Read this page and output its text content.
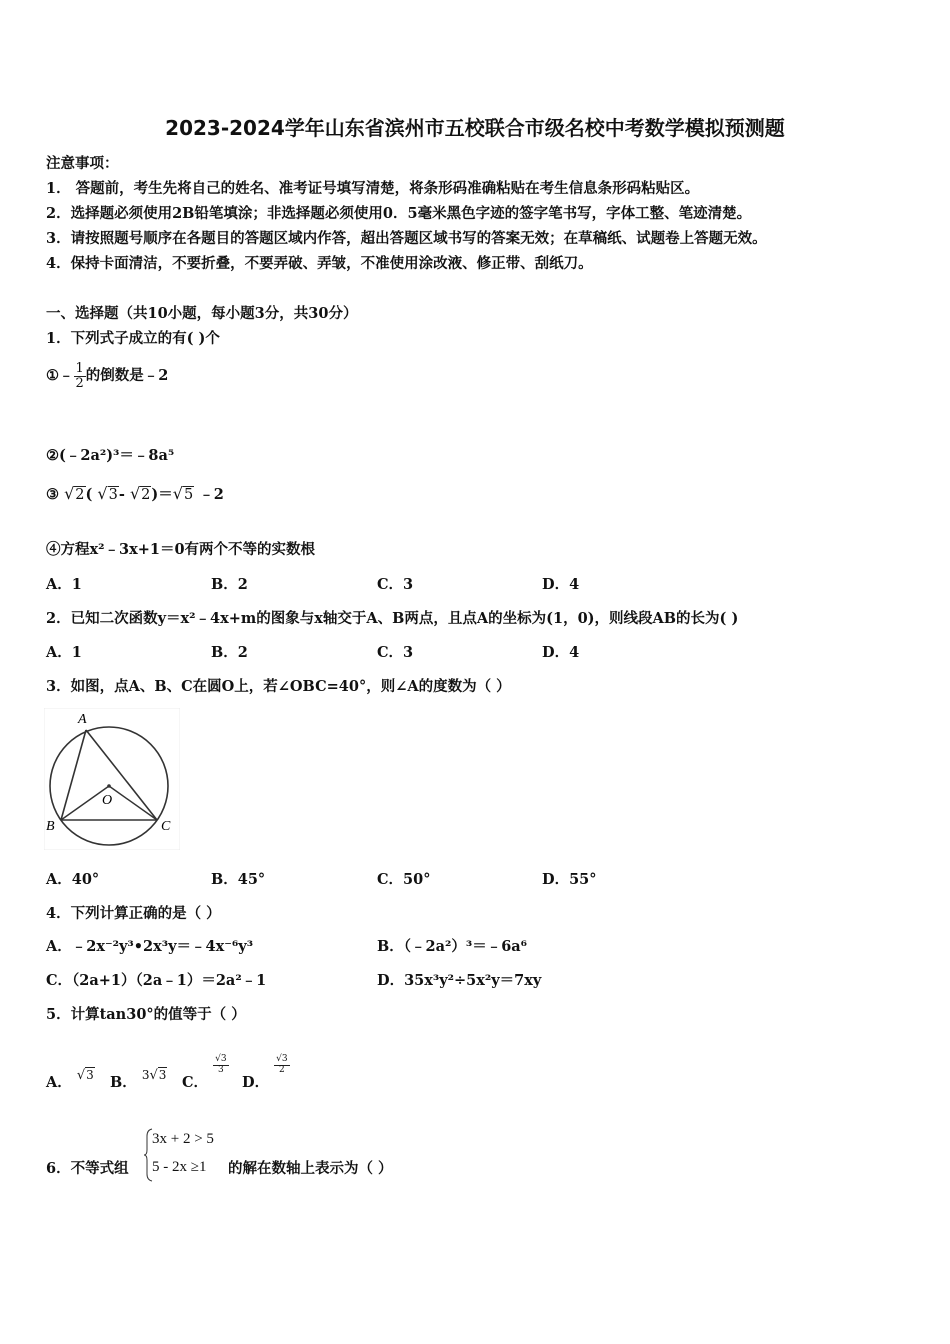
2023-2024学年山东省滨州市五校联合市级名校中考数学模拟预测题
注意事项：
1． 答题前，考生先将自己的姓名、准考证号填写清楚，将条形码准确粘贴在考生信息条形码粘贴区。
2．选择题必须使用2B铅笔填涂；非选择题必须使用0．5毫米黑色字迹的签字笔书写，字体工整、笔迹清楚。
3．请按照题号顺序在各题目的答题区域内作答，超出答题区域书写的答案无效；在草稿纸、试题卷上答题无效。
4．保持卡面清洁，不要折叠，不要弄破、弄皱，不准使用涂改液、修正带、刮纸刀。
一、选择题（共10小题，每小题3分，共30分）
1．下列式子成立的有( )个
①﹣ $\frac{1}{2}$ 的倒数是﹣2
②(﹣2a²)³＝﹣8a⁵
③ √2( √3- √2)＝√5 ﹣2
④方程x²﹣3x+1＝0有两个不等的实数根
A．1	B．2	C．3	D．4
2．已知二次函数y＝x²﹣4x+m的图象与x轴交于A、B两点，且点A的坐标为(1，0)，则线段AB的长为( )
A．1	B．2	C．3	D．4
3．如图，点A、B、C在圆O上，若∠OBC=40°，则∠A的度数为（ ）
A
B	C
O
A．40°	B．45°	C．50°	D．55°
4．下列计算正确的是（ ）
A．﹣2x⁻²y³•2x³y＝﹣4x⁻⁶y³	B．（﹣2a²）³＝﹣6a⁶
C．（2a+1）（2a﹣1）＝2a²﹣1	D．35x³y²÷5x²y＝7xy
5．计算tan30°的值等于（ ）
A． √3 B． $^{3√3}$ C．
$\frac{√3}{3}$
D．
$\frac{√3}{2}$
6．不等式组
3x + 2 > 5
5 - 2x ≥1 的解在数轴上表示为（ ）
